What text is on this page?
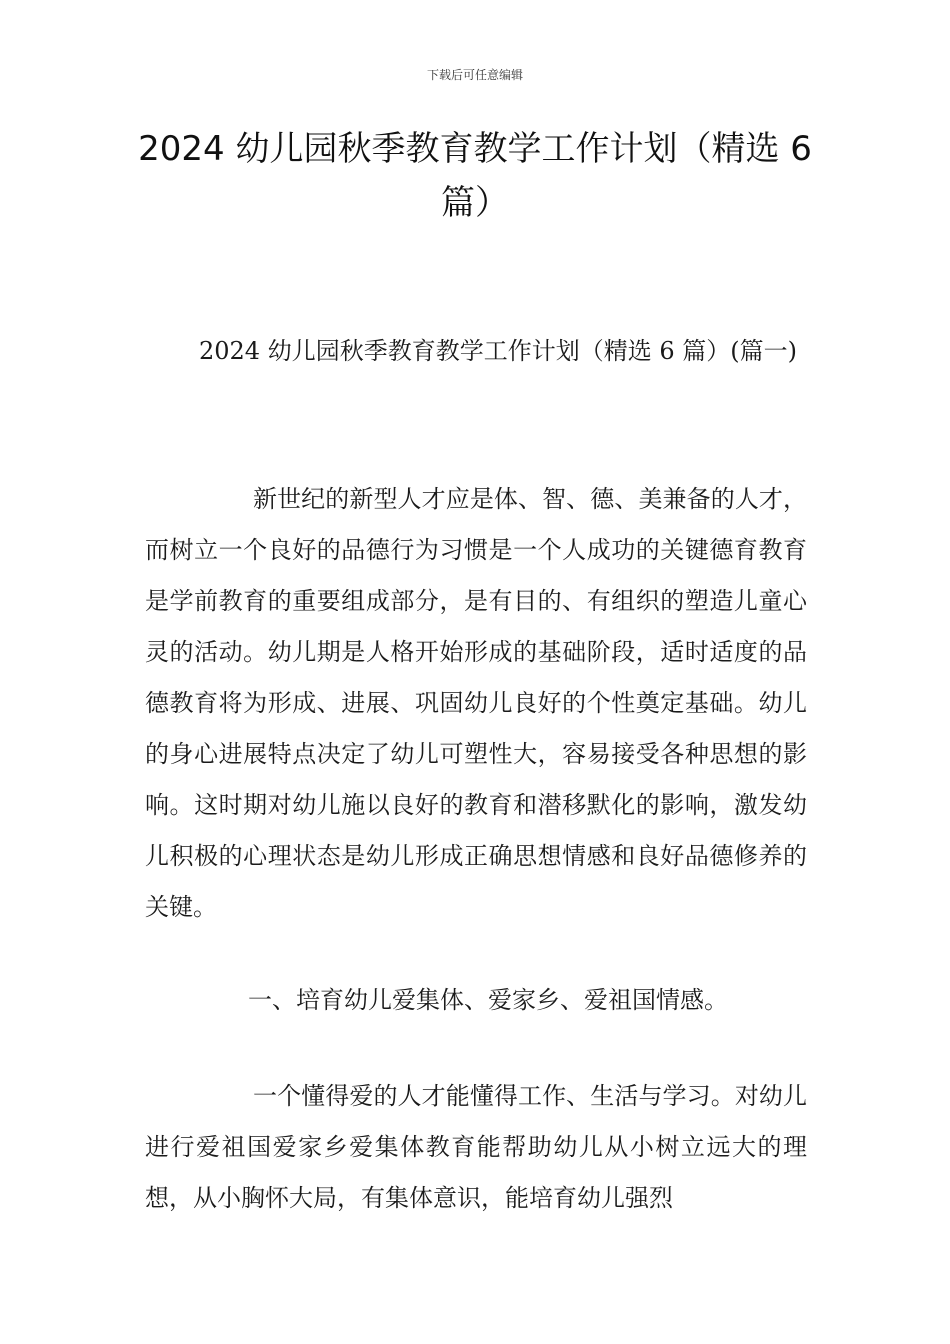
下载后可任意编辑
2024 幼儿园秋季教育教学工作计划（精选 6 篇）

2024 幼儿园秋季教育教学工作计划（精选 6 篇）(篇一)

新世纪的新型人才应是体、智、德、美兼备的人才，而树立一个良好的品德行为习惯是一个人成功的关键德育教育是学前教育的重要组成部分，是有目的、有组织的塑造儿童心灵的活动。幼儿期是人格开始形成的基础阶段，适时适度的品德教育将为形成、进展、巩固幼儿良好的个性奠定基础。幼儿的身心进展特点决定了幼儿可塑性大，容易接受各种思想的影响。这时期对幼儿施以良好的教育和潜移默化的影响，激发幼儿积极的心理状态是幼儿形成正确思想情感和良好品德修养的关键。

一、培育幼儿爱集体、爱家乡、爱祖国情感。

一个懂得爱的人才能懂得工作、生活与学习。对幼儿进行爱祖国爱家乡爱集体教育能帮助幼儿从小树立远大的理想，从小胸怀大局，有集体意识，能培育幼儿强烈
